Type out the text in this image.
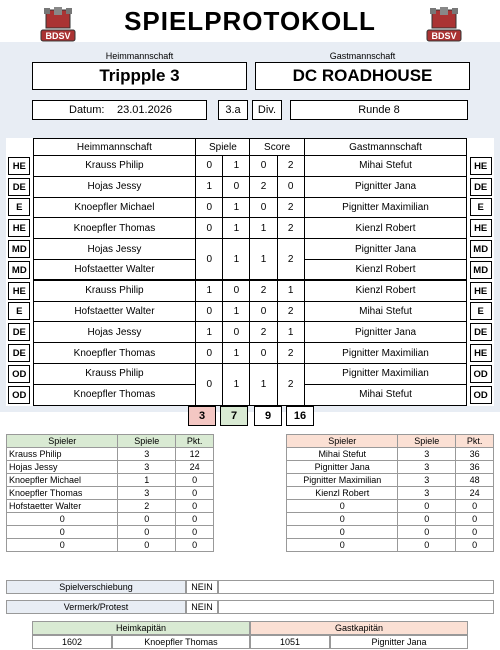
BDSV	BDSV
SPIELPROTOKOLL
Heimmannschaft
Trippple 3
Gastmannschaft
DC ROADHOUSE
Datum: 23.01.2026	3.a	Div.	Runde 8
	Heimmannschaft	Spiele		Score		Gastmannschaft	
HE	Krauss Philip	0	1	0	2	Mihai Stefut	HE
DE	Hojas Jessy	1	0	2	0	Pignitter Jana	DE
E	Knoepfler Michael	0	1	0	2	Pignitter Maximilian	E
HE	Knoepfler Thomas	0	1	1	2	Kienzl Robert	HE
MD	Hojas Jessy	0	1	1	2	Pignitter Jana	MD
MD	Hofstaetter Walter					Kienzl Robert	MD
HE	Krauss Philip	1	0	2	1	Kienzl Robert	HE
E	Hofstaetter Walter	0	1	0	2	Mihai Stefut	E
DE	Hojas Jessy	1	0	2	1	Pignitter Jana	DE
DE	Knoepfler Thomas	0	1	0	2	Pignitter Maximilian	HE
OD	Krauss Philip	0	1	1	2	Pignitter Maximilian	OD
OD	Knoepfler Thomas					Mihai Stefut	OD
3	7	9	16
Spieler	Spiele	Pkt.
Krauss Philip	3	12
Hojas Jessy	3	24
Knoepfler Michael	1	0
Knoepfler Thomas	3	0
Hofstaetter Walter	2	0
0	0	0
0	0	0
0	0	0
Spieler	Spiele	Pkt.
Mihai Stefut	3	36
Pignitter Jana	3	36
Pignitter Maximilian	3	48
Kienzl Robert	3	24
0	0	0
0	0	0
0	0	0
0	0	0
Spielverschiebung	NEIN
Vermerk/Protest	NEIN
Heimkapitän	Gastkapitän
1602	Knoepfler Thomas	1051	Pignitter Jana
